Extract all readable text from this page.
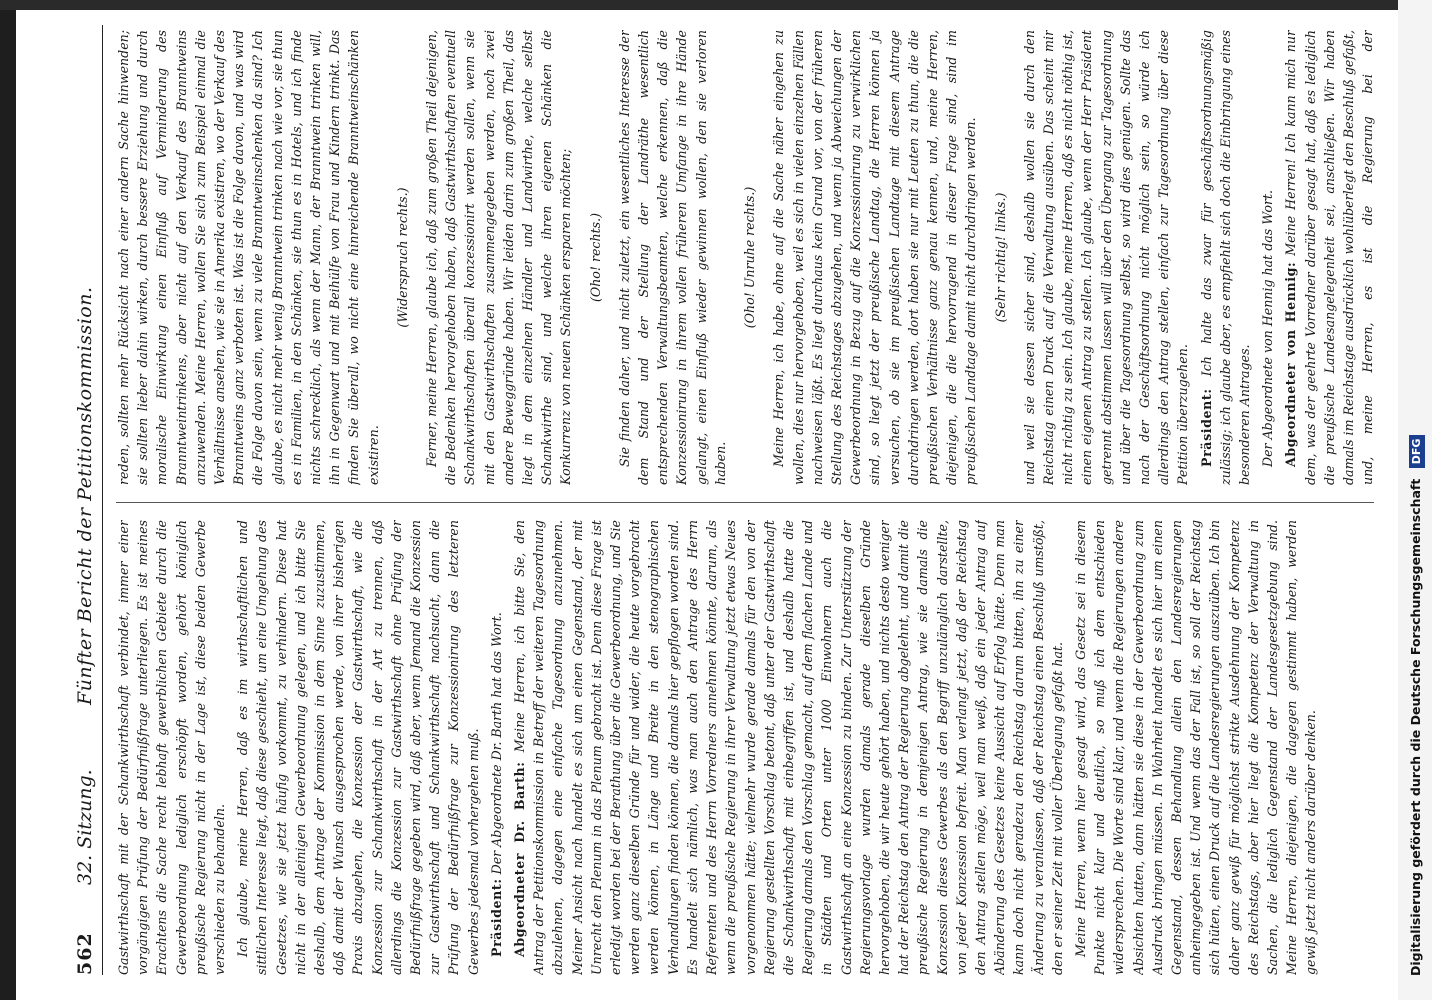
562
32. Sitzung.
Fünfter Bericht der Petitionskommission.

Gastwirthschaft mit der Schankwirthschaft verbindet, immer einer vorgängigen Prüfung der Bedürfnißfrage unterliegen. Es ist meines Erachtens die Sache recht lebhaft gewerblichen Gebiete durch die Gewerbeordnung lediglich erschöpft worden, gehört königlich preußische Regierung nicht in der Lage ist, diese beiden Gewerbe verschieden zu behandeln. Ich glaube, meine Herren, daß es im wirthschaftlichen und sittlichen Interesse liegt, daß diese geschieht, um eine Umgehung des Gesetzes, wie sie jetzt häufig vorkommt, zu verhindern. Diese hat nicht in der alleinigen Gewerbeordnung gelegen, und ich bitte Sie deshalb, dem Antrage der Kommission in dem Sinne zuzustimmen, daß damit der Wunsch ausgesprochen werde, von ihrer bisherigen Praxis abzugehen, die Konzession der Gastwirthschaft, wie die Konzession zur Schankwirthschaft in der Art zu trennen, daß allerdings die Konzession zur Gastwirthschaft ohne Prüfung der Bedürfnißfrage gegeben wird, daß aber, wenn Jemand die Konzession zur Gastwirthschaft und Schankwirthschaft nachsucht, dann die Prüfung der Bedürfnißfrage zur Konzessionirung des letzteren Gewerbes jedesmal vorhergehen muß. Präsident: Der Abgeordnete Dr. Barth hat das Wort. Abgeordneter Dr. Barth: Meine Herren, ich bitte Sie, den Antrag der Petitionskommission in Betreff der weiteren Tagesordnung abzulehnen, dagegen eine einfache Tagesordnung anzunehmen. Meiner Ansicht nach handelt es sich um einen Gegenstand, der mit Unrecht den Plenum in das Plenum gebracht ist. Denn diese Frage ist erledigt worden bei der Berathung über die Gewerbeordnung, und Sie werden ganz dieselben Gründe für und wider, die heute vorgebracht werden können, in Länge und Breite in den stenographischen Verhandlungen finden können, die damals hier gepflogen worden sind. Es handelt sich nämlich, was man auch den Antrage des Herrn Referenten und des Herrn Vorredners annehmen könnte, darum, als wenn die preußische Regierung in ihrer Verwaltung jetzt etwas Neues vorgenommen hätte; vielmehr wurde gerade damals für den von der Regierung gestellten Vorschlag betont, daß unter der Gastwirthschaft die Schankwirthschaft mit einbegriffen ist, und deshalb hatte die Regierung damals den Vorschlag gemacht, auf dem flachen Lande und in Städten und Orten unter 1000 Einwohnern auch die Gastwirthschaft an eine Konzession zu binden. Zur Unterstützung der Regierungsvorlage wurden damals gerade dieselben Gründe hervorgehoben, die wir heute gehört haben, und nichts desto weniger hat der Reichstag den Antrag der Regierung abgelehnt, und damit die preußische Regierung in demjenigen Antrag, wie sie damals die Konzession dieses Gewerbes als den Begriff unzulänglich darstellte, von jeder Konzession befreit. Man verlangt jetzt, daß der Reichstag den Antrag stellen möge, weil man weiß, daß ein jeder Antrag auf Abänderung des Gesetzes keine Aussicht auf Erfolg hätte. Denn man kann doch nicht geradezu den Reichstag darum bitten, ihn zu einer Änderung zu veranlassen, daß der Reichstag einen Beschluß umstößt, den er seiner Zeit mit voller Überlegung gefaßt hat. Meine Herren, wenn hier gesagt wird, das Gesetz sei in diesem Punkte nicht klar und deutlich, so muß ich dem entschieden widersprechen. Die Worte sind klar, und wenn die Regierungen andere Absichten hatten, dann hätten sie diese in der Gewerbeordnung zum Ausdruck bringen müssen. In Wahrheit handelt es sich hier um einen Gegenstand, dessen Behandlung allein den Landesregierungen anheimgegeben ist. Und wenn das der Fall ist, so soll der Reichstag sich hüten, einen Druck auf die Landesregierungen auszuüben. Ich bin daher ganz gewiß für möglichst strikte Ausdehnung der Kompetenz des Reichstags, aber hier liegt die Kompetenz der Verwaltung in Sachen, die lediglich Gegenstand der Landesgesetzgebung sind. Meine Herren, diejenigen, die dagegen gestimmt haben, werden gewiß jetzt nicht anders darüber denken.

reden, sollten mehr Rücksicht nach einer andern Sache hinwenden; sie sollten lieber dahin wirken, durch bessere Erziehung und durch moralische Einwirkung einen Einfluß auf Verminderung des Branntweintrinkens, aber nicht auf den Verkauf des Branntweins anzuwenden. Meine Herren, wollen Sie sich zum Beispiel einmal die Verhältnisse ansehen, wie sie in Amerika existiren, wo der Verkauf des Branntweins ganz verboten ist. Was ist die Folge davon, und was wird die Folge davon sein, wenn zu viele Branntweinschenken da sind? Ich glaube, es nicht mehr wenig Branntwein trinken nach wie vor, sie thun es in Familien, in den Schänken, sie thun es in Hotels, und ich finde nichts schrecklich, als wenn der Mann, der Branntwein trinken will, ihn in Gegenwart und mit Beihülfe von Frau und Kindern trinkt. Das finden Sie überall, wo nicht eine hinreichende Branntweinschänken existiren.

(Widerspruch rechts.) Ferner, meine Herren, glaube ich, daß zum großen Theil dejenigen, die Bedenken hervorgehoben haben, daß Gastwirthschaften eventuell Schankwirthschaften überall konzessionirt werden sollen, wenn sie mit den Gastwirthschaften zusammengegeben werden, noch zwei andere Beweggründe haben. Wir leiden darin zum großen Theil, das liegt in dem einzelnen Händler und Landwirthe, welche selbst Schankwirthe sind, und welche ihren eigenen Schänken die Konkurrenz von neuen Schänken ersparen möchten; (Oho! rechts.) Sie finden daher, und nicht zuletzt, ein wesentliches Interesse der dem Stand und der Stellung der Landräthe wesentlich entsprechenden Verwaltungsbeamten, welche erkennen, daß die Konzessionirung in ihrem vollen früheren Umfange in ihre Hände gelangt, einen Einfluß wieder gewinnen wollen, den sie verloren haben.

(Oho! Unruhe rechts.) Meine Herren, ich habe, ohne auf die Sache näher eingehen zu wollen, dies nur hervorgehoben, weil es sich in vielen einzelnen Fällen nachweisen läßt. Es liegt durchaus kein Grund vor, von der früheren Stellung des Reichstages abzugehen, und wenn ja Abweichungen der Gewerbeordnung in Bezug auf die Konzessionirung zu verwirklichen sind, so liegt jetzt der preußische Landtag, die Herren können ja versuchen, ob sie im preußischen Landtage mit diesem Antrage durchdringen werden, dort haben sie nur mit Leuten zu thun, die die preußischen Verhältnisse ganz genau kennen, und, meine Herren, diejenigen, die die hervorragend in dieser Frage sind, sind im preußischen Landtage damit nicht durchdringen werden. (Sehr richtig! links.) und weil sie dessen sicher sind, deshalb wollen sie durch den Reichstag einen Druck auf die Verwaltung ausüben. Das scheint mir nicht richtig zu sein. Ich glaube, meine Herren, daß es nicht nöthig ist, einen eigenen Antrag zu stellen. Ich glaube, wenn der Herr Präsident getrennt abstimmen lassen will über den Übergang zur Tagesordnung und über die Tagesordnung selbst, so wird dies genügen. Sollte das nach der Geschäftsordnung nicht möglich sein, so würde ich allerdings den Antrag stellen, einfach zur Tagesordnung über diese Petition überzugehen. Präsident: Ich halte das zwar für geschäftsordnungsmäßig zulässig; ich glaube aber, es empfiehlt sich doch die Einbringung eines besonderen Antrages. Der Abgeordnete von Hennig hat das Wort. Abgeordneter von Hennig: Meine Herren! Ich kann mich nur dem, was der geehrte Vorredner darüber gesagt hat, daß es lediglich die preußische Landesangelegenheit sei, anschließen. Wir haben damals im Reichstage ausdrücklich wohlüberlegt den Beschluß gefaßt, und, meine Herren, es ist die Regierung bei der

Digitalisierung gefördert durch die Deutsche Forschungsgemeinschaft DFG
